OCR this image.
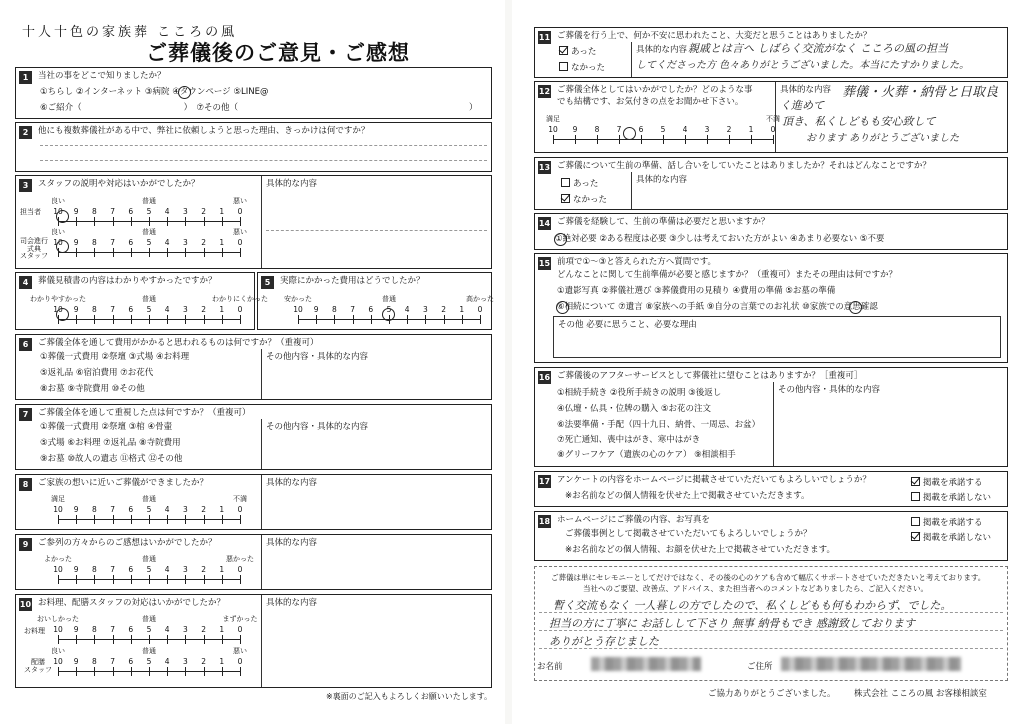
十人十色の家族葬 こころの風
ご葬儀後のご意見・ご感想
1	当社の事をどこで知りましたか？
①ちらし ②インターネット ③病院 ④タウンページ ⑤LINE@
⑥ご紹介（　　　　　　　　　　　　）　⑦その他（	）
2	他にも複数葬儀社がある中で、弊社に依頼しようと思った理由、きっかけは何ですか？
3	スタッフの説明や対応はいかがでしたか？
担当者
司会進行
式典
スタッフ
10 9 8 7 6 5 4 3 2 1 0
良い	普通	悪い
10 9 8 7 6 5 4 3 2 1 0
良い	普通	悪い
具体的な内容
4	葬儀見積書の内容はわかりやすかったですか？
10 9 8 7 6 5 4 3 2 1 0
わかりやすかった	普通	わかりにくかった
5	実際にかかった費用はどうでしたか？
10 9 8 7 6 5 4 3 2 1 0
安かった	普通	高かった
6	ご葬儀全体を通して費用がかかると思われるものは何ですか？（重複可）
①葬儀一式費用 ②祭壇 ③式場 ④お料理
⑤返礼品 ⑥宿泊費用 ⑦お花代
⑧お墓 ⑨寺院費用 ⑩その他
その他内容・具体的な内容
7	ご葬儀全体を通して重視した点は何ですか？（重複可）
①葬儀一式費用 ②祭壇 ③棺 ④骨壷
⑤式場 ⑥お料理 ⑦返礼品 ⑧寺院費用
⑨お墓 ⑩故人の遺志 ⑪格式 ⑫その他
その他内容・具体的な内容
8	ご家族の想いに近いご葬儀ができましたか？
10 9 8 7 6 5 4 3 2 1 0
満足	普通	不満
具体的な内容
9	ご参列の方々からのご感想はいかがでしたか？
10 9 8 7 6 5 4 3 2 1 0
よかった	普通	悪かった
具体的な内容
10 お料理、配膳スタッフの対応はいかがでしたか？
お料理
配膳
スタッフ
10 9 8 7 6 5 4 3 2 1 0
おいしかった	普通	まずかった
10 9 8 7 6 5 4 3 2 1 0
良い	普通	悪い
具体的な内容
※裏面のご記入もよろしくお願いいたします。
11 ご葬儀を行う上で、何か不安に思われたこと、大変だと思うことはありましたか？
あった
なかった
具体的な内容 親戚とは言へ しばらく交流がなく こころの風の担当
してくださった方 色々ありがとうございました。本当にたすかりました。
12 ご葬儀全体としてはいかがでしたか？どのような事
でも結構です、お気付きの点をお聞かせ下さい。
10 9 8 7 6 5 4 3 2 1 0
満足	不満
具体的な内容 葬儀・火葬・納骨と日取良
く進めて
頂き、私くしどもも安心致して
おります ありがとうございました
13 ご葬儀について生前の準備、話し合いをしていたことはありましたか？それはどんなことですか？
あった
なかった
具体的な内容
14 ご葬儀を経験して、生前の準備は必要だと思いますか？
①絶対必要 ②ある程度は必要 ③少しは考えておいた方がよい ④あまり必要ない ⑤不要
15 前項で①～③と答えられた方へ質問です。
どんなことに関して生前準備が必要と感じますか？（重複可）またその理由は何ですか？
①遺影写真 ②葬儀社選び ③葬儀費用の見積り ④費用の準備 ⑤お墓の準備
⑥相続について ⑦遺言 ⑧家族への手紙 ⑨自分の言葉でのお礼状 ⑩家族での意思確認
その他 必要に思うこと、必要な理由
16 ご葬儀後のアフターサービスとして葬儀社に望むことはありますか？［重複可］
①相続手続き ②役所手続きの説明 ③後返し
④仏壇・仏具・位牌の購入 ⑤お花の注文
⑥法要準備・手配（四十九日、納骨、一周忌、お盆）
⑦死亡通知、喪中はがき、寒中はがき
⑧グリーフケア（遺族の心のケア） ⑨相談相手
その他内容・具体的な内容
17 アンケートの内容をホームページに掲載させていただいてもよろしいでしょうか？
※お名前などの個人情報を伏せた上で掲載させていただきます。
掲載を承諾する
掲載を承諾しない
18 ホームページにご葬儀の内容、お写真を
ご葬儀事例として掲載させていただいてもよろしいでしょうか？
※お名前などの個人情報、お顔を伏せた上で掲載させていただきます。
掲載を承諾する
掲載を承諾しない
ご葬儀は単にセレモニーとしてだけではなく、その後の心のケアも含めて幅広くサポートさせていただきたいと考えております。
当社へのご要望、改善点、アドバイス、また担当者へのコメントなどありましたら、ご記入ください。
暫く交流もなく 一人暮しの方でしたので、私くしどもも何もわからず、でした。
担当の方に丁寧に お話しして下さり 無事 納骨もでき 感謝致しております
ありがとう存じました
お名前	ご住所
ご協力ありがとうございました。 株式会社 こころの風 お客様相談室
